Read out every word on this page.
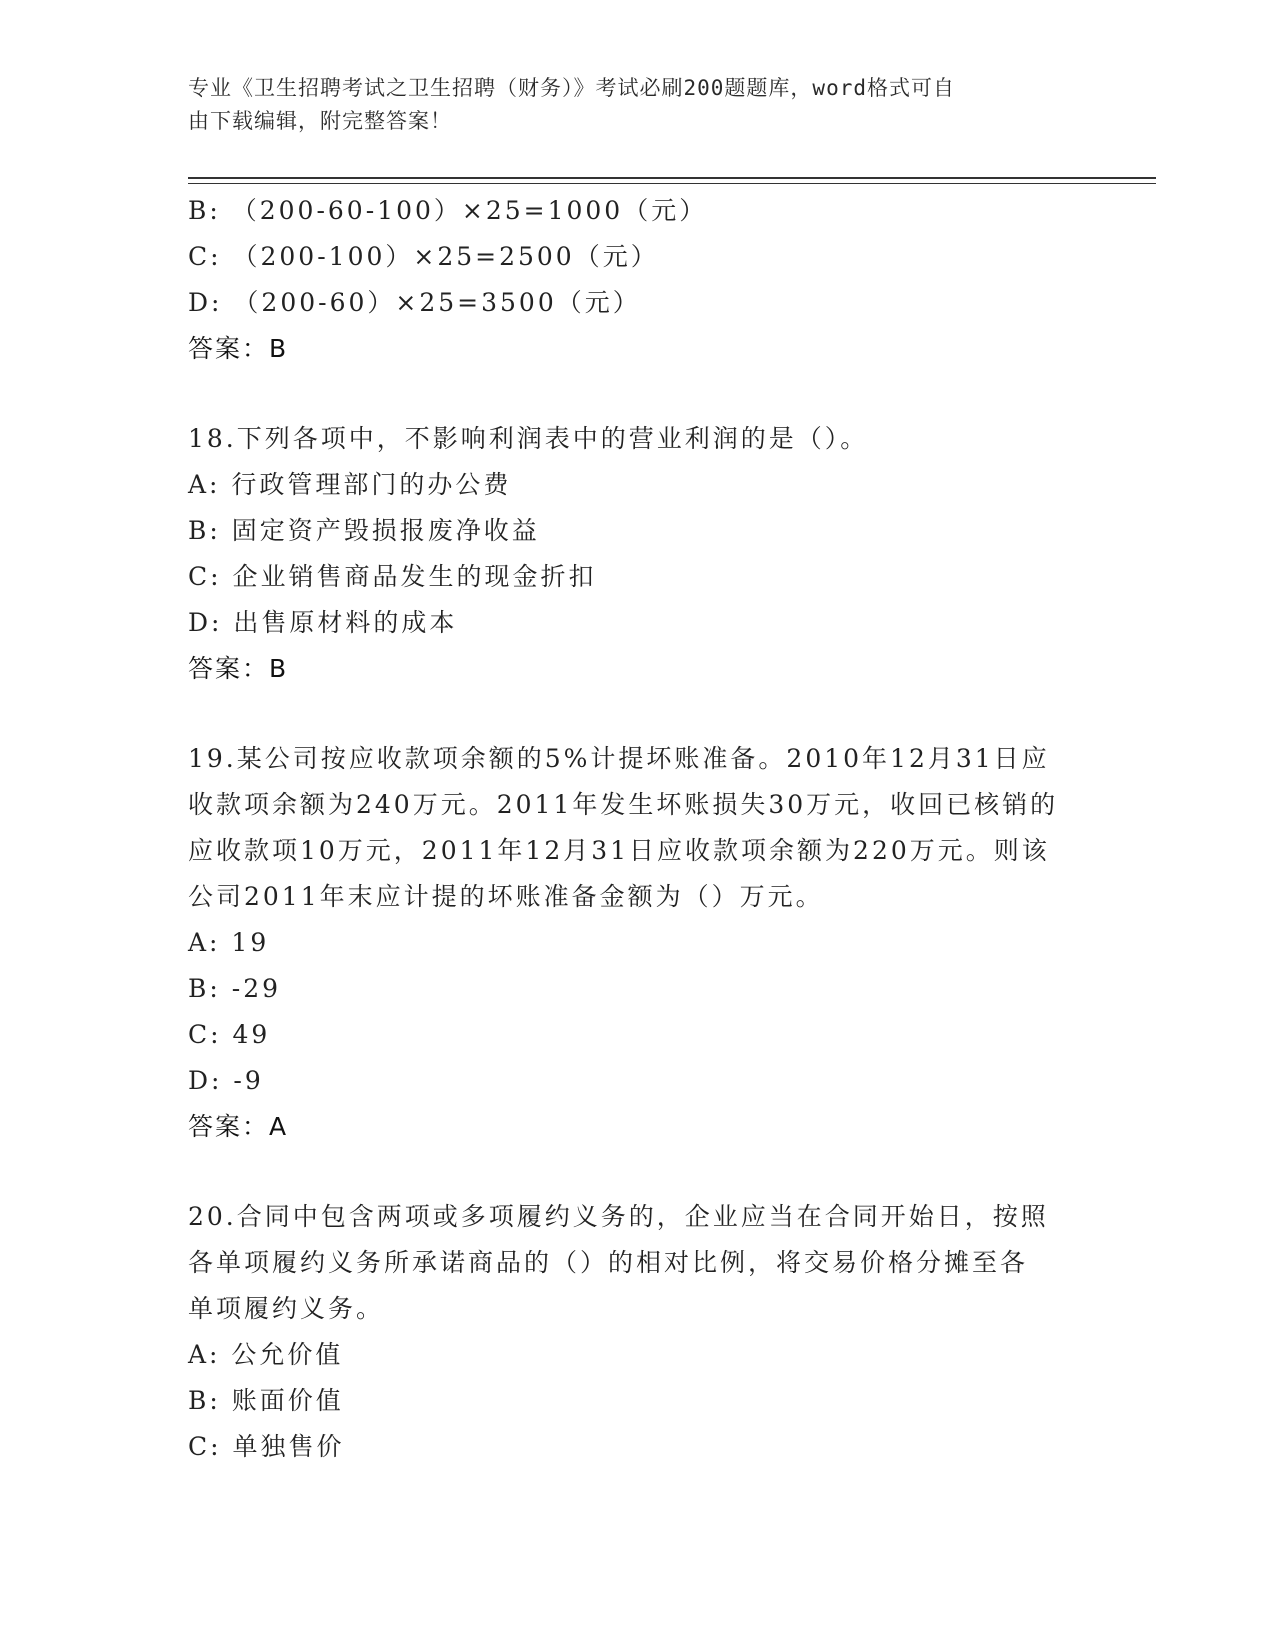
专业《卫生招聘考试之卫生招聘（财务）》考试必刷200题题库，word格式可自
由下载编辑，附完整答案！
B: （200-60-100）×25=1000（元）
C: （200-100）×25=2500（元）
D: （200-60）×25=3500（元）
答案：B
18.下列各项中，不影响利润表中的营业利润的是（）。
A: 行政管理部门的办公费
B: 固定资产毁损报废净收益
C: 企业销售商品发生的现金折扣
D: 出售原材料的成本
答案：B
19.某公司按应收款项余额的5%计提坏账准备。2010年12月31日应
收款项余额为240万元。2011年发生坏账损失30万元，收回已核销的
应收款项10万元，2011年12月31日应收款项余额为220万元。则该
公司2011年末应计提的坏账准备金额为（）万元。
A: 19
B: -29
C: 49
D: -9
答案：A
20.合同中包含两项或多项履约义务的，企业应当在合同开始日，按照
各单项履约义务所承诺商品的（）的相对比例，将交易价格分摊至各
单项履约义务。
A: 公允价值
B: 账面价值
C: 单独售价
